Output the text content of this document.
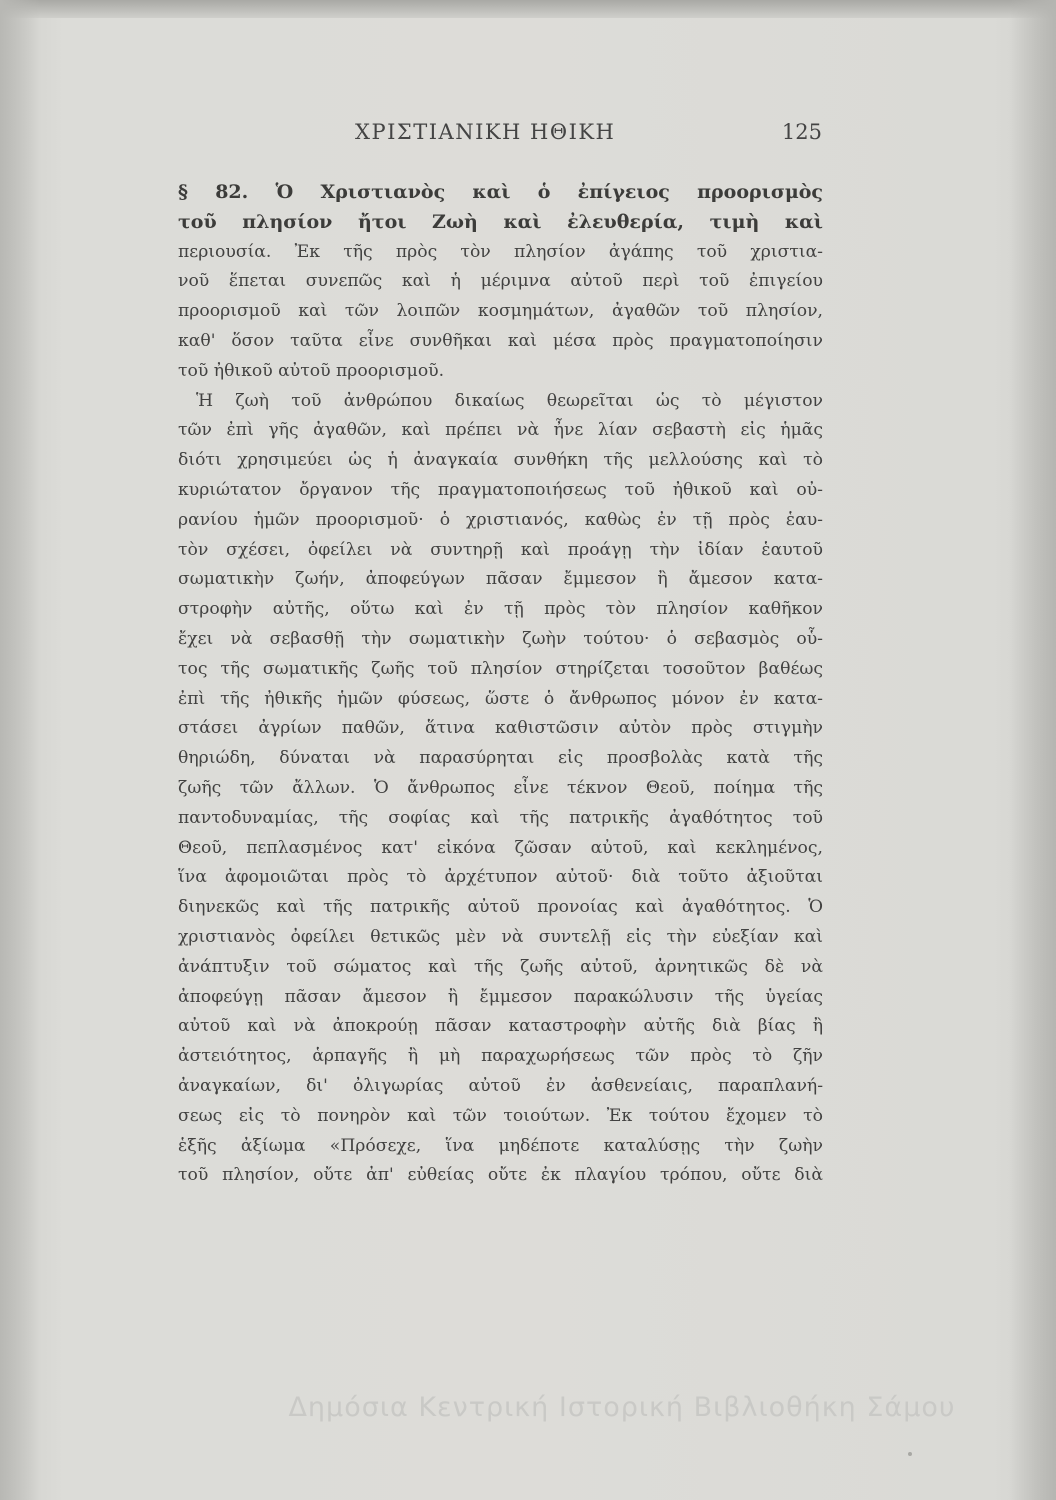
ΧΡΙΣΤΙΑΝΙΚΗ ΗΘΙΚΗ	125
§ 82. Ὁ Χριστιανὸς καὶ ὁ ἐπίγειος προορισμὸς
τοῦ πλησίον ἤτοι Ζωὴ καὶ ἐλευθερία, τιμὴ καὶ
περιουσία. Ἐκ τῆς πρὸς τὸν πλησίον ἀγάπης τοῦ χριστια-
νοῦ ἕπεται συνεπῶς καὶ ἡ μέριμνα αὐτοῦ περὶ τοῦ ἐπιγείου
προορισμοῦ καὶ τῶν λοιπῶν κοσμημάτων, ἀγαθῶν τοῦ πλησίον,
καθ' ὅσον ταῦτα εἶνε συνθῆκαι καὶ μέσα πρὸς πραγματοποίησιν
τοῦ ἠθικοῦ αὐτοῦ προορισμοῦ.
Ἡ ζωὴ τοῦ ἀνθρώπου δικαίως θεωρεῖται ὡς τὸ μέγιστον
τῶν ἐπὶ γῆς ἀγαθῶν, καὶ πρέπει νὰ ἦνε λίαν σεβαστὴ εἰς ἡμᾶς
διότι χρησιμεύει ὡς ἡ ἀναγκαία συνθήκη τῆς μελλούσης καὶ τὸ
κυριώτατον ὄργανον τῆς πραγματοποιήσεως τοῦ ἠθικοῦ καὶ οὐ-
ρανίου ἡμῶν προορισμοῦ· ὁ χριστιανός, καθὼς ἐν τῇ πρὸς ἑαυ-
τὸν σχέσει, ὀφείλει νὰ συντηρῇ καὶ προάγῃ τὴν ἰδίαν ἑαυτοῦ
σωματικὴν ζωήν, ἀποφεύγων πᾶσαν ἔμμεσον ἢ ἄμεσον κατα-
στροφὴν αὐτῆς, οὕτω καὶ ἐν τῇ πρὸς τὸν πλησίον καθῆκον
ἔχει νὰ σεβασθῇ τὴν σωματικὴν ζωὴν τούτου· ὁ σεβασμὸς οὗ-
τος τῆς σωματικῆς ζωῆς τοῦ πλησίον στηρίζεται τοσοῦτον βαθέως
ἐπὶ τῆς ἠθικῆς ἡμῶν φύσεως, ὥστε ὁ ἄνθρωπος μόνον ἐν κατα-
στάσει ἀγρίων παθῶν, ἅτινα καθιστῶσιν αὐτὸν πρὸς στιγμὴν
θηριώδη, δύναται νὰ παρασύρηται εἰς προσβολὰς κατὰ τῆς
ζωῆς τῶν ἄλλων. Ὁ ἄνθρωπος εἶνε τέκνον Θεοῦ, ποίημα τῆς
παντοδυναμίας, τῆς σοφίας καὶ τῆς πατρικῆς ἀγαθότητος τοῦ
Θεοῦ, πεπλασμένος κατ' εἰκόνα ζῶσαν αὐτοῦ, καὶ κεκλημένος,
ἵνα ἀφομοιῶται πρὸς τὸ ἀρχέτυπον αὐτοῦ· διὰ τοῦτο ἀξιοῦται
διηνεκῶς καὶ τῆς πατρικῆς αὐτοῦ προνοίας καὶ ἀγαθότητος. Ὁ
χριστιανὸς ὀφείλει θετικῶς μὲν νὰ συντελῇ εἰς τὴν εὐεξίαν καὶ
ἀνάπτυξιν τοῦ σώματος καὶ τῆς ζωῆς αὐτοῦ, ἀρνητικῶς δὲ νὰ
ἀποφεύγῃ πᾶσαν ἄμεσον ἢ ἔμμεσον παρακώλυσιν τῆς ὑγείας
αὐτοῦ καὶ νὰ ἀποκρούῃ πᾶσαν καταστροφὴν αὐτῆς διὰ βίας ἢ
ἀστειότητος, ἁρπαγῆς ἢ μὴ παραχωρήσεως τῶν πρὸς τὸ ζῆν
ἀναγκαίων, δι' ὀλιγωρίας αὐτοῦ ἐν ἀσθενείαις, παραπλανή-
σεως εἰς τὸ πονηρὸν καὶ τῶν τοιούτων. Ἐκ τούτου ἔχομεν τὸ
ἑξῆς ἀξίωμα «Πρόσεχε, ἵνα μηδέποτε καταλύσῃς τὴν ζωὴν
τοῦ πλησίον, οὔτε ἀπ' εὐθείας οὔτε ἐκ πλαγίου τρόπου, οὔτε διὰ
Δημόσια Κεντρική Ιστορική Βιβλιοθήκη Σάμου
